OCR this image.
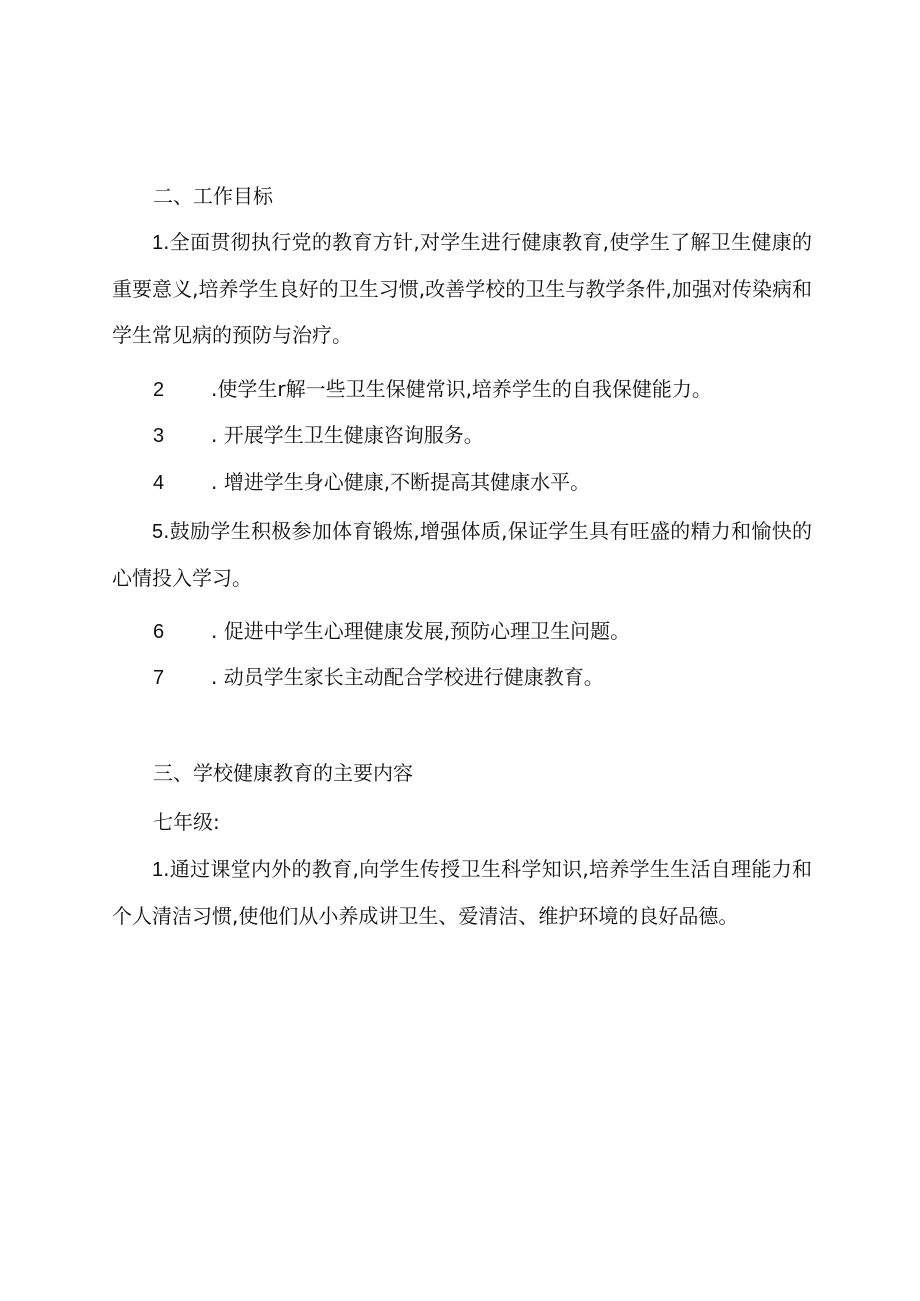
二、工作目标
1.全面贯彻执行党的教育方针,对学生进行健康教育,使学生了解卫生健康的重要意义,培养学生良好的卫生习惯,改善学校的卫生与教学条件,加强对传染病和学生常见病的预防与治疗。
2 .使学生r解一些卫生保健常识,培养学生的自我保健能力。
3 . 开展学生卫生健康咨询服务。
4 . 增进学生身心健康,不断提高其健康水平。
5.鼓励学生积极参加体育锻炼,增强体质,保证学生具有旺盛的精力和愉快的心情投入学习。
6 . 促进中学生心理健康发展,预防心理卫生问题。
7 . 动员学生家长主动配合学校进行健康教育。
三、学校健康教育的主要内容
七年级:
1.通过课堂内外的教育,向学生传授卫生科学知识,培养学生生活自理能力和个人清洁习惯,使他们从小养成讲卫生、爱清洁、维护环境的良好品德。
